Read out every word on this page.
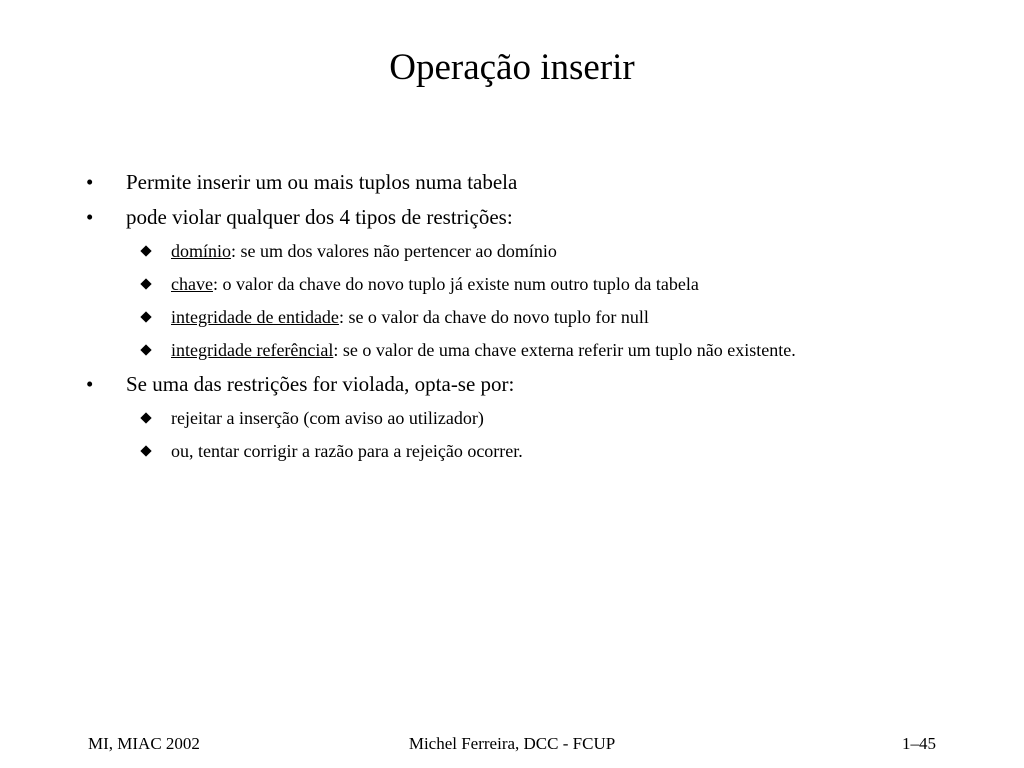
Operação inserir
•	Permite inserir um ou mais tuplos numa tabela
•	pode violar qualquer dos 4 tipos de restrições:
domínio: se um dos valores não pertencer ao domínio
chave: o valor da chave do novo tuplo já existe num outro tuplo da tabela
integridade de entidade: se o valor da chave do novo tuplo for null
integridade referêncial: se o valor de uma chave externa referir um tuplo não existente.
•	Se uma das restrições for violada, opta-se por:
rejeitar a inserção (com aviso ao utilizador)
ou, tentar corrigir a razão para a rejeição ocorrer.
Michel Ferreira, DCC - FCUP
MI, MIAC 2002	1–45
